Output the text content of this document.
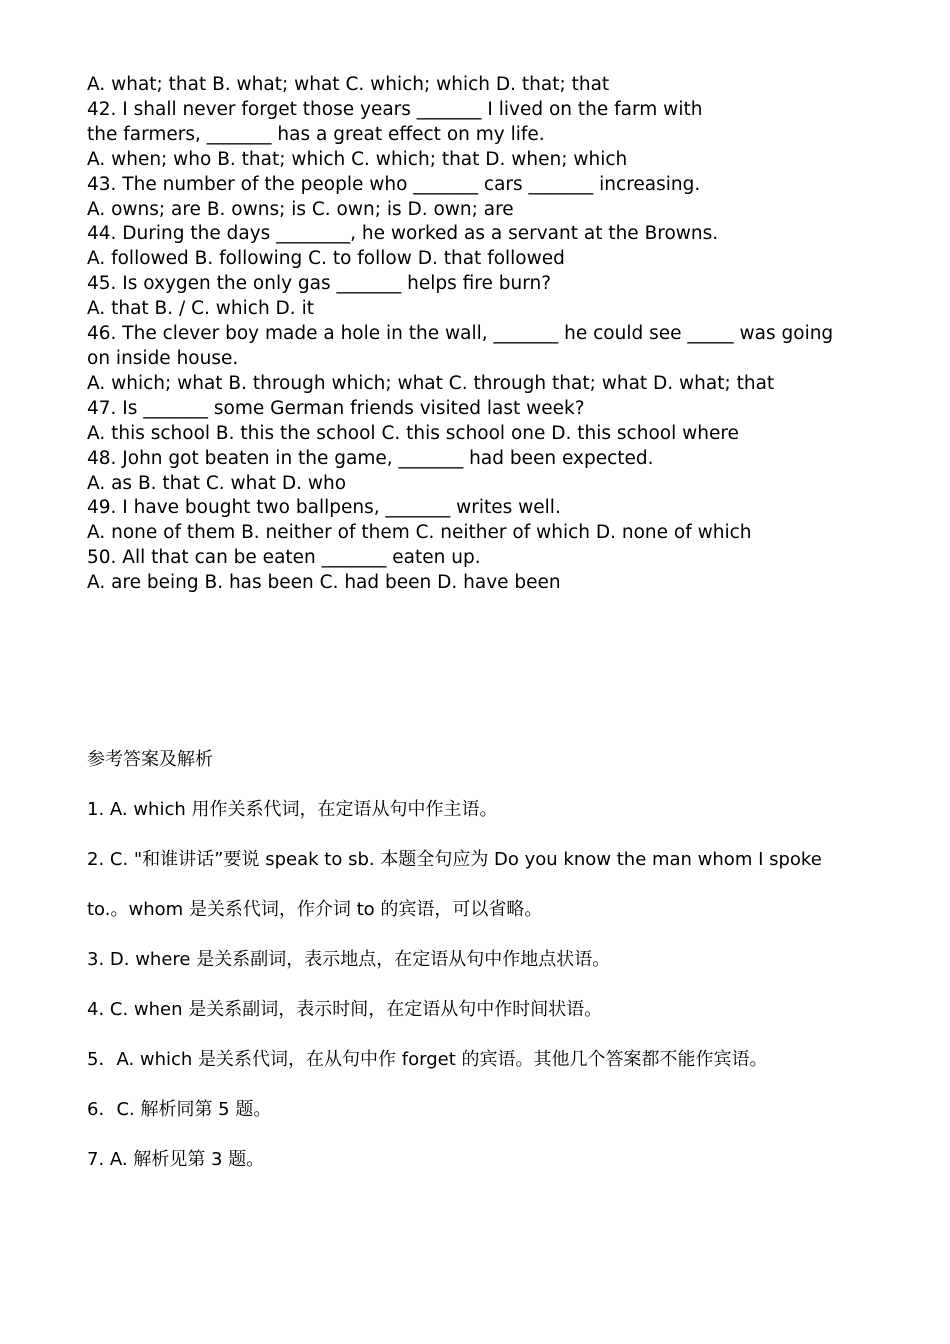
A. what; that B. what; what C. which; which D. that; that
42. I shall never forget those years _______ I lived on the farm with
the farmers, _______ has a great effect on my life.
A. when; who B. that; which C. which; that D. when; which
43. The number of the people who _______ cars _______ increasing.
A. owns; are B. owns; is C. own; is D. own; are
44. During the days ________, he worked as a servant at the Browns.
A. followed B. following C. to follow D. that followed
45. Is oxygen the only gas _______ helps fire burn?
A. that B. / C. which D. it
46. The clever boy made a hole in the wall, _______ he could see _____ was going
on inside house.
A. which; what B. through which; what C. through that; what D. what; that
47. Is _______ some German friends visited last week?
A. this school B. this the school C. this school one D. this school where
48. John got beaten in the game, _______ had been expected.
A. as B. that C. what D. who
49. I have bought two ballpens, _______ writes well.
A. none of them B. neither of them C. neither of which D. none of which
50. All that can be eaten _______ eaten up.
A. are being B. has been C. had been D. have been
参考答案及解析
1. A. which 用作关系代词，在定语从句中作主语。
2. C. "和谁讲话”要说 speak to sb. 本题全句应为 Do you know the man whom I spoke
to.。whom 是关系代词，作介词 to 的宾语，可以省略。
3. D. where 是关系副词，表示地点，在定语从句中作地点状语。
4. C. when 是关系副词，表示时间，在定语从句中作时间状语。
5．A. which 是关系代词，在从句中作 forget 的宾语。其他几个答案都不能作宾语。
6．C. 解析同第 5 题。
7. A. 解析见第 3 题。
